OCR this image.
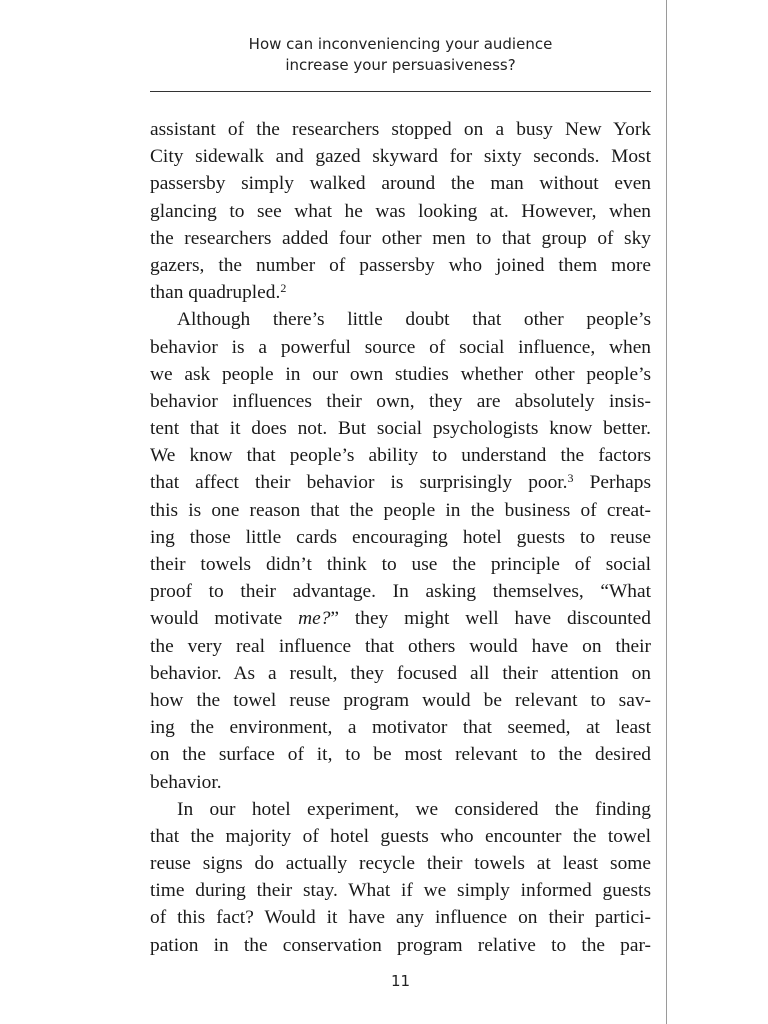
How can inconveniencing your audience
increase your persuasiveness?
assistant of the researchers stopped on a busy New York
City sidewalk and gazed skyward for sixty seconds. Most
passersby simply walked around the man without even
glancing to see what he was looking at. However, when
the researchers added four other men to that group of sky
gazers, the number of passersby who joined them more
than quadrupled.$^2$
Although there’s little doubt that other people’s
behavior is a powerful source of social influence, when
we ask people in our own studies whether other people’s
behavior influences their own, they are absolutely insis-
tent that it does not. But social psychologists know better.
We know that people’s ability to understand the factors
that affect their behavior is surprisingly poor.$^3$ Perhaps
this is one reason that the people in the business of creat-
ing those little cards encouraging hotel guests to reuse
their towels didn’t think to use the principle of social
proof to their advantage. In asking themselves, “What
would motivate me?” they might well have discounted
the very real influence that others would have on their
behavior. As a result, they focused all their attention on
how the towel reuse program would be relevant to sav-
ing the environment, a motivator that seemed, at least
on the surface of it, to be most relevant to the desired
behavior.
In our hotel experiment, we considered the finding
that the majority of hotel guests who encounter the towel
reuse signs do actually recycle their towels at least some
time during their stay. What if we simply informed guests
of this fact? Would it have any influence on their partici-
pation in the conservation program relative to the par-
11
